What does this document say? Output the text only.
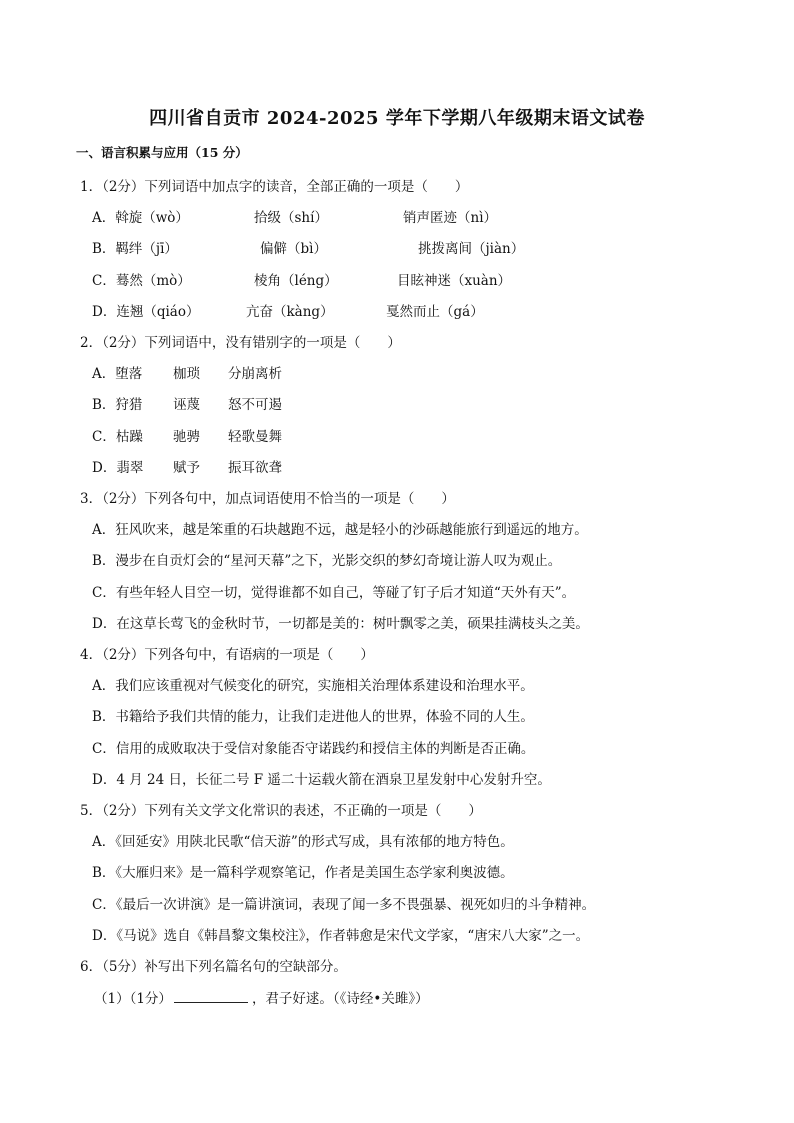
四川省自贡市 2024-2025 学年下学期八年级期末语文试卷
一、语言积累与应用（15 分）
1．（2分）下列词语中加点字的读音，全部正确的一项是（　　）
A．斡旋（wò）	拾级（shí）	销声匿迹（nì）
B．羁绊（jī）	偏僻（bì）	挑拨离间（jiàn）
C．蓦然（mò）	棱角（léng）	目眩神迷（xuàn）
D．连翘（qiáo）	亢奋（kàng）	戛然而止（gá）
2．（2分）下列词语中，没有错别字的一项是（　　）
A．堕落 枷琐 分崩离析
B．狩猎 诬蔑 怒不可遏
C．枯躁 驰骋 轻歌曼舞
D．翡翠 赋予 振耳欲聋
3．（2分）下列各句中，加点词语使用不恰当的一项是（　　）
A．狂风吹来，越是笨重的石块越跑不远，越是轻小的沙砾越能旅行到遥远的地方。
B．漫步在自贡灯会的“星河天幕”之下，光影交织的梦幻奇境让游人叹为观止。
C．有些年轻人目空一切，觉得谁都不如自己，等碰了钉子后才知道“天外有天”。
D．在这草长莺飞的金秋时节，一切都是美的：树叶飘零之美，硕果挂满枝头之美。
4．（2分）下列各句中，有语病的一项是（　　）
A．我们应该重视对气候变化的研究，实施相关治理体系建设和治理水平。
B．书籍给予我们共情的能力，让我们走进他人的世界，体验不同的人生。
C．信用的成败取决于受信对象能否守诺践约和授信主体的判断是否正确。
D．4 月 24 日，长征二号 F 遥二十运载火箭在酒泉卫星发射中心发射升空。
5．（2分）下列有关文学文化常识的表述，不正确的一项是（　　）
A．《回延安》用陕北民歌“信天游”的形式写成，具有浓郁的地方特色。
B．《大雁归来》是一篇科学观察笔记，作者是美国生态学家利奥波德。
C．《最后一次讲演》是一篇讲演词，表现了闻一多不畏强暴、视死如归的斗争精神。
D．《马说》选自《韩昌黎文集校注》，作者韩愈是宋代文学家，“唐宋八大家”之一。
6．（5分）补写出下列名篇名句的空缺部分。
（1）（1分）	，君子好逑。（《诗经•关雎》）
